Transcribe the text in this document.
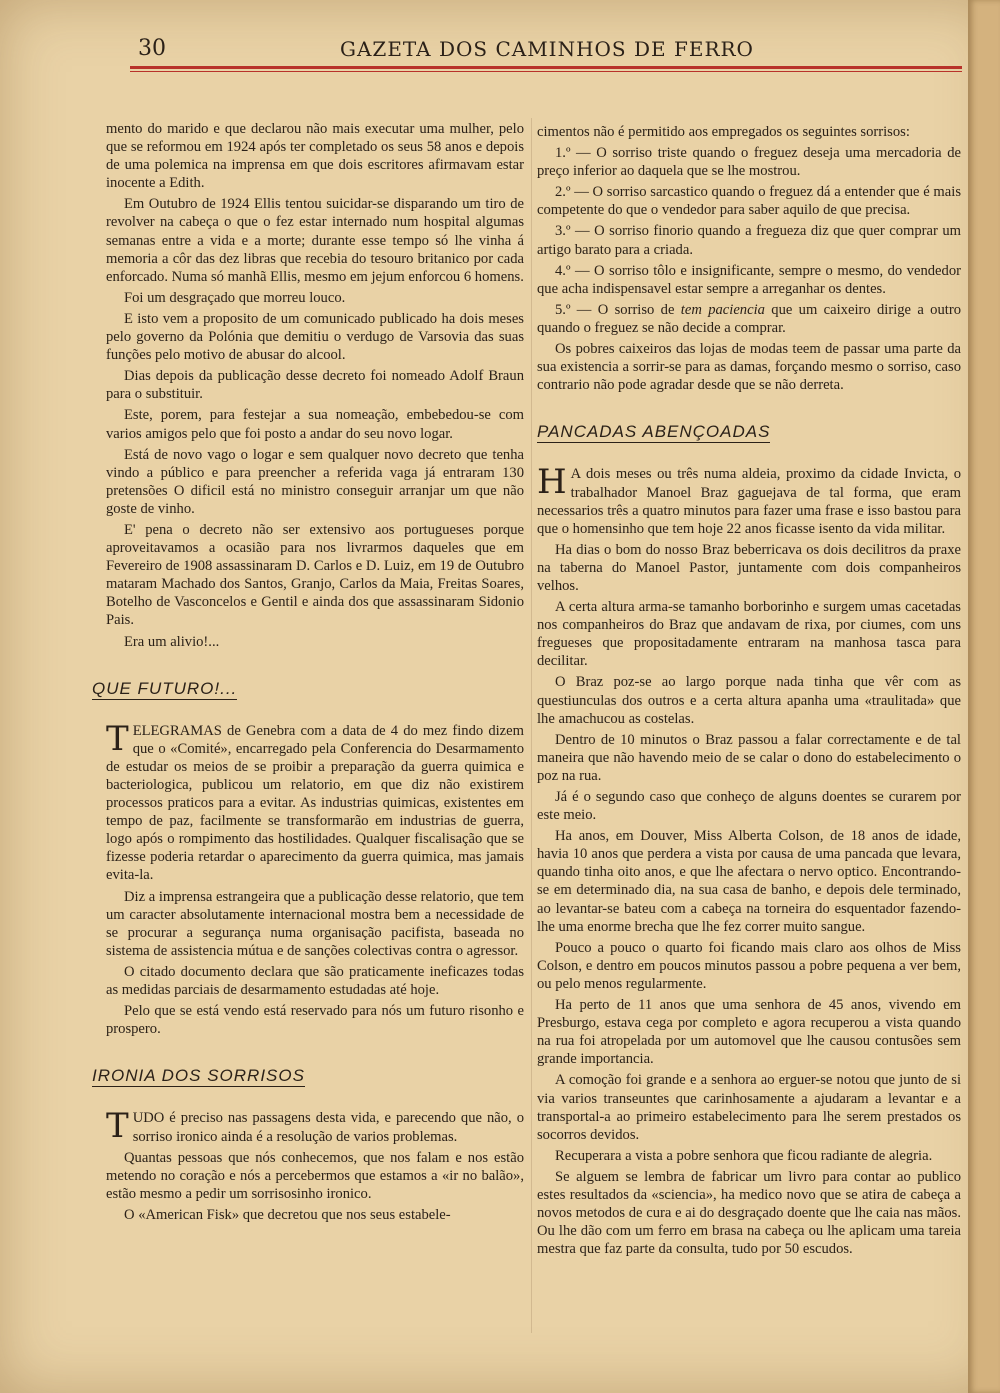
30	GAZETA DOS CAMINHOS DE FERRO

mento do marido e que declarou não mais executar uma mulher, pelo que se reformou em 1924 após ter completado os seus 58 anos e depois de uma polemica na imprensa em que dois escritores afirmavam estar inocente a Edith.

Em Outubro de 1924 Ellis tentou suicidar-se disparando um tiro de revolver na cabeça o que o fez estar internado num hospital algumas semanas entre a vida e a morte; durante esse tempo só lhe vinha á memoria a côr das dez libras que recebia do tesouro britanico por cada enforcado. Numa só manhã Ellis, mesmo em jejum enforcou 6 homens.

Foi um desgraçado que morreu louco.

E isto vem a proposito de um comunicado publicado ha dois meses pelo governo da Polónia que demitiu o verdugo de Varsovia das suas funções pelo motivo de abusar do alcool.

Dias depois da publicação desse decreto foi nomeado Adolf Braun para o substituir.

Este, porem, para festejar a sua nomeação, embebedou-se com varios amigos pelo que foi posto a andar do seu novo logar.

Está de novo vago o logar e sem qualquer novo decreto que tenha vindo a público e para preencher a referida vaga já entraram 130 pretensões O dificil está no ministro conseguir arranjar um que não goste de vinho.

E' pena o decreto não ser extensivo aos portugueses porque aproveitavamos a ocasião para nos livrarmos daqueles que em Fevereiro de 1908 assassinaram D. Carlos e D. Luiz, em 19 de Outubro mataram Machado dos Santos, Granjo, Carlos da Maia, Freitas Soares, Botelho de Vasconcelos e Gentil e ainda dos que assassinaram Sidonio Pais.

Era um alivio!...

QUE FUTURO!...

TELEGRAMAS de Genebra com a data de 4 do mez findo dizem que o «Comité», encarregado pela Conferencia do Desarmamento de estudar os meios de se proibir a preparação da guerra quimica e bacteriologica, publicou um relatorio, em que diz não existirem processos praticos para a evitar. As industrias quimicas, existentes em tempo de paz, facilmente se transformarão em industrias de guerra, logo após o rompimento das hostilidades. Qualquer fiscalisação que se fizesse poderia retardar o aparecimento da guerra quimica, mas jamais evita-la.

Diz a imprensa estrangeira que a publicação desse relatorio, que tem um caracter absolutamente internacional mostra bem a necessidade de se procurar a segurança numa organisação pacifista, baseada no sistema de assistencia mútua e de sanções colectivas contra o agressor.

O citado documento declara que são praticamente ineficazes todas as medidas parciais de desarmamento estudadas até hoje.

Pelo que se está vendo está reservado para nós um futuro risonho e prospero.

IRONIA DOS SORRISOS

TUDO é preciso nas passagens desta vida, e parecendo que não, o sorriso ironico ainda é a resolução de varios problemas.

Quantas pessoas que nós conhecemos, que nos falam e nos estão metendo no coração e nós a percebermos que estamos a «ir no balão», estão mesmo a pedir um sorrisosinho ironico.

O «American Fisk» que decretou que nos seus estabele-

cimentos não é permitido aos empregados os seguintes sorrisos:

1.º — O sorriso triste quando o freguez deseja uma mercadoria de preço inferior ao daquela que se lhe mostrou.

2.º — O sorriso sarcastico quando o freguez dá a entender que é mais competente do que o vendedor para saber aquilo de que precisa.

3.º — O sorriso finorio quando a fregueza diz que quer comprar um artigo barato para a criada.

4.º — O sorriso tôlo e insignificante, sempre o mesmo, do vendedor que acha indispensavel estar sempre a arreganhar os dentes.

5.º — O sorriso de tem paciencia que um caixeiro dirige a outro quando o freguez se não decide a comprar.

Os pobres caixeiros das lojas de modas teem de passar uma parte da sua existencia a sorrir-se para as damas, forçando mesmo o sorriso, caso contrario não pode agradar desde que se não derreta.

PANCADAS ABENÇOADAS

H A dois meses ou três numa aldeia, proximo da cidade Invicta, o trabalhador Manoel Braz gaguejava de tal forma, que eram necessarios três a quatro minutos para fazer uma frase e isso bastou para que o homensinho que tem hoje 22 anos ficasse isento da vida militar.

Ha dias o bom do nosso Braz beberricava os dois decilitros da praxe na taberna do Manoel Pastor, juntamente com dois companheiros velhos.

A certa altura arma-se tamanho borborinho e surgem umas cacetadas nos companheiros do Braz que andavam de rixa, por ciumes, com uns fregueses que propositadamente entraram na manhosa tasca para decilitar.

O Braz poz-se ao largo porque nada tinha que vêr com as questiunculas dos outros e a certa altura apanha uma «traulitada» que lhe amachucou as costelas.

Dentro de 10 minutos o Braz passou a falar correctamente e de tal maneira que não havendo meio de se calar o dono do estabelecimento o poz na rua.

Já é o segundo caso que conheço de alguns doentes se curarem por este meio.

Ha anos, em Douver, Miss Alberta Colson, de 18 anos de idade, havia 10 anos que perdera a vista por causa de uma pancada que levara, quando tinha oito anos, e que lhe afectara o nervo optico. Encontrando-se em determinado dia, na sua casa de banho, e depois dele terminado, ao levantar-se bateu com a cabeça na torneira do esquentador fazendo-lhe uma enorme brecha que lhe fez correr muito sangue.

Pouco a pouco o quarto foi ficando mais claro aos olhos de Miss Colson, e dentro em poucos minutos passou a pobre pequena a ver bem, ou pelo menos regularmente.

Ha perto de 11 anos que uma senhora de 45 anos, vivendo em Presburgo, estava cega por completo e agora recuperou a vista quando na rua foi atropelada por um automovel que lhe causou contusões sem grande importancia.

A comoção foi grande e a senhora ao erguer-se notou que junto de si via varios transeuntes que carinhosamente a ajudaram a levantar e a transportal-a ao primeiro estabelecimento para lhe serem prestados os socorros devidos.

Recuperara a vista a pobre senhora que ficou radiante de alegria.

Se alguem se lembra de fabricar um livro para contar ao publico estes resultados da «sciencia», ha medico novo que se atira de cabeça a novos metodos de cura e ai do desgraçado doente que lhe caia nas mãos. Ou lhe dão com um ferro em brasa na cabeça ou lhe aplicam uma tareia mestra que faz parte da consulta, tudo por 50 escudos.
